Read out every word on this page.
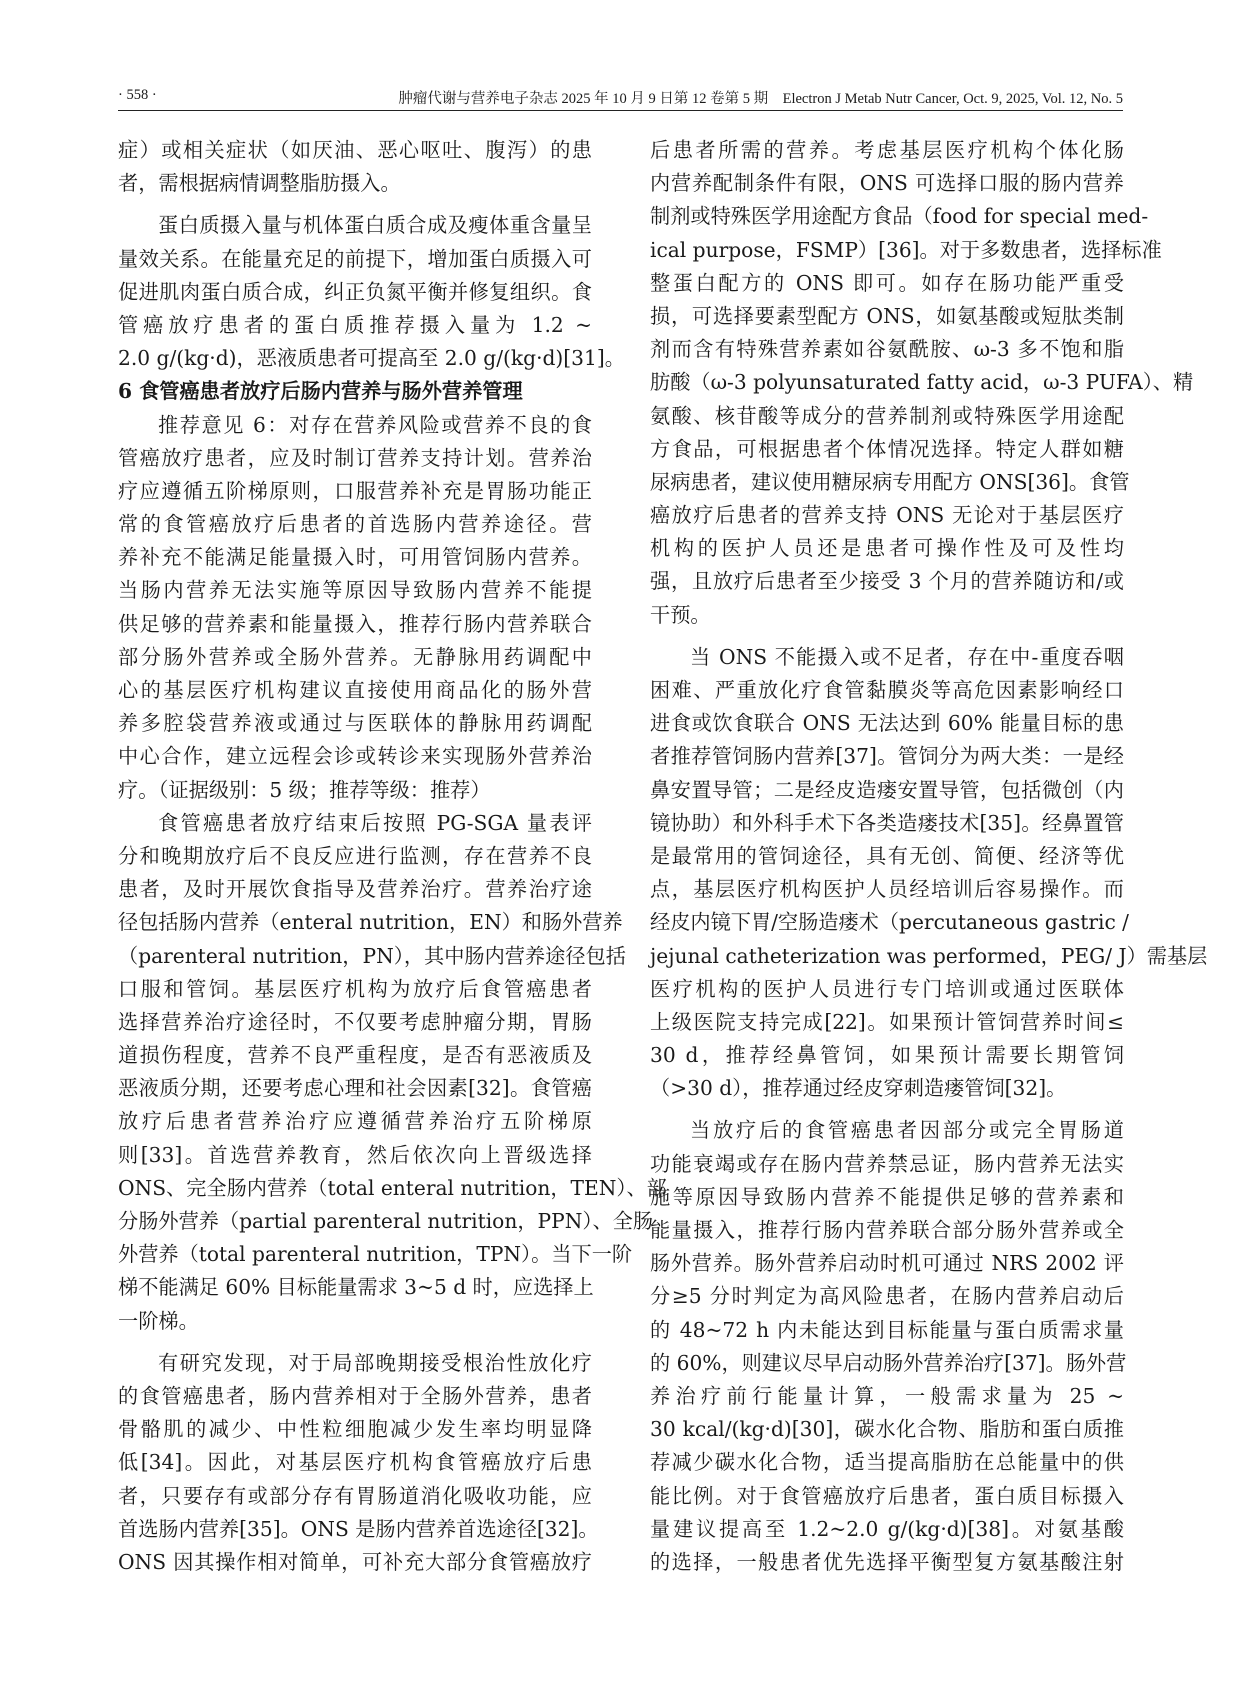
· 558 ·	肿瘤代谢与营养电子杂志 2025 年 10 月 9 日第 12 卷第 5 期　Electron J Metab Nutr Cancer, Oct. 9, 2025, Vol. 12, No. 5
症）或相关症状（如厌油、恶心呕吐、腹泻）的患
者，需根据病情调整脂肪摄入。
蛋白质摄入量与机体蛋白质合成及瘦体重含量呈
量效关系。在能量充足的前提下，增加蛋白质摄入可
促进肌肉蛋白质合成，纠正负氮平衡并修复组织。食
管癌放疗患者的蛋白质推荐摄入量为 1.2 ~
2.0 g/(kg·d)，恶液质患者可提高至 2.0 g/(kg·d)[31]。
6 食管癌患者放疗后肠内营养与肠外营养管理
推荐意见 6：对存在营养风险或营养不良的食
管癌放疗患者，应及时制订营养支持计划。营养治
疗应遵循五阶梯原则，口服营养补充是胃肠功能正
常的食管癌放疗后患者的首选肠内营养途径。营
养补充不能满足能量摄入时，可用管饲肠内营养。
当肠内营养无法实施等原因导致肠内营养不能提
供足够的营养素和能量摄入，推荐行肠内营养联合
部分肠外营养或全肠外营养。无静脉用药调配中
心的基层医疗机构建议直接使用商品化的肠外营
养多腔袋营养液或通过与医联体的静脉用药调配
中心合作，建立远程会诊或转诊来实现肠外营养治
疗。（证据级别：5 级；推荐等级：推荐）
食管癌患者放疗结束后按照 PG-SGA 量表评
分和晚期放疗后不良反应进行监测，存在营养不良
患者，及时开展饮食指导及营养治疗。营养治疗途
径包括肠内营养（enteral nutrition，EN）和肠外营养
（parenteral nutrition，PN），其中肠内营养途径包括
口服和管饲。基层医疗机构为放疗后食管癌患者
选择营养治疗途径时，不仅要考虑肿瘤分期，胃肠
道损伤程度，营养不良严重程度，是否有恶液质及
恶液质分期，还要考虑心理和社会因素[32]。食管癌
放疗后患者营养治疗应遵循营养治疗五阶梯原
则[33]。首选营养教育，然后依次向上晋级选择
ONS、完全肠内营养（total enteral nutrition，TEN）、部
分肠外营养（partial parenteral nutrition，PPN）、全肠
外营养（total parenteral nutrition，TPN）。当下一阶
梯不能满足 60% 目标能量需求 3~5 d 时，应选择上
一阶梯。
有研究发现，对于局部晚期接受根治性放化疗
的食管癌患者，肠内营养相对于全肠外营养，患者
骨骼肌的减少、中性粒细胞减少发生率均明显降
低[34]。因此，对基层医疗机构食管癌放疗后患
者，只要存有或部分存有胃肠道消化吸收功能，应
首选肠内营养[35]。ONS 是肠内营养首选途径[32]。
ONS 因其操作相对简单，可补充大部分食管癌放疗
后患者所需的营养。考虑基层医疗机构个体化肠
内营养配制条件有限，ONS 可选择口服的肠内营养
制剂或特殊医学用途配方食品（food for special med-
ical purpose，FSMP）[36]。对于多数患者，选择标准
整蛋白配方的 ONS 即可。如存在肠功能严重受
损，可选择要素型配方 ONS，如氨基酸或短肽类制
剂而含有特殊营养素如谷氨酰胺、ω-3 多不饱和脂
肪酸（ω-3 polyunsaturated fatty acid，ω-3 PUFA）、精
氨酸、核苷酸等成分的营养制剂或特殊医学用途配
方食品，可根据患者个体情况选择。特定人群如糖
尿病患者，建议使用糖尿病专用配方 ONS[36]。食管
癌放疗后患者的营养支持 ONS 无论对于基层医疗
机构的医护人员还是患者可操作性及可及性均
强，且放疗后患者至少接受 3 个月的营养随访和/或
干预。
当 ONS 不能摄入或不足者，存在中-重度吞咽
困难、严重放化疗食管黏膜炎等高危因素影响经口
进食或饮食联合 ONS 无法达到 60% 能量目标的患
者推荐管饲肠内营养[37]。管饲分为两大类：一是经
鼻安置导管；二是经皮造瘘安置导管，包括微创（内
镜协助）和外科手术下各类造瘘技术[35]。经鼻置管
是最常用的管饲途径，具有无创、简便、经济等优
点，基层医疗机构医护人员经培训后容易操作。而
经皮内镜下胃/空肠造瘘术（percutaneous gastric /
jejunal catheterization was performed，PEG/ J）需基层
医疗机构的医护人员进行专门培训或通过医联体
上级医院支持完成[22]。如果预计管饲营养时间≤
30 d，推荐经鼻管饲，如果预计需要长期管饲
（>30 d），推荐通过经皮穿刺造瘘管饲[32]。
当放疗后的食管癌患者因部分或完全胃肠道
功能衰竭或存在肠内营养禁忌证，肠内营养无法实
施等原因导致肠内营养不能提供足够的营养素和
能量摄入，推荐行肠内营养联合部分肠外营养或全
肠外营养。肠外营养启动时机可通过 NRS 2002 评
分≥5 分时判定为高风险患者，在肠内营养启动后
的 48~72 h 内未能达到目标能量与蛋白质需求量
的 60%，则建议尽早启动肠外营养治疗[37]。肠外营
养治疗前行能量计算，一般需求量为 25 ~
30 kcal/(kg·d)[30]，碳水化合物、脂肪和蛋白质推
荐减少碳水化合物，适当提高脂肪在总能量中的供
能比例。对于食管癌放疗后患者，蛋白质目标摄入
量建议提高至 1.2~2.0 g/(kg·d)[38]。对氨基酸
的选择，一般患者优先选择平衡型复方氨基酸注射
